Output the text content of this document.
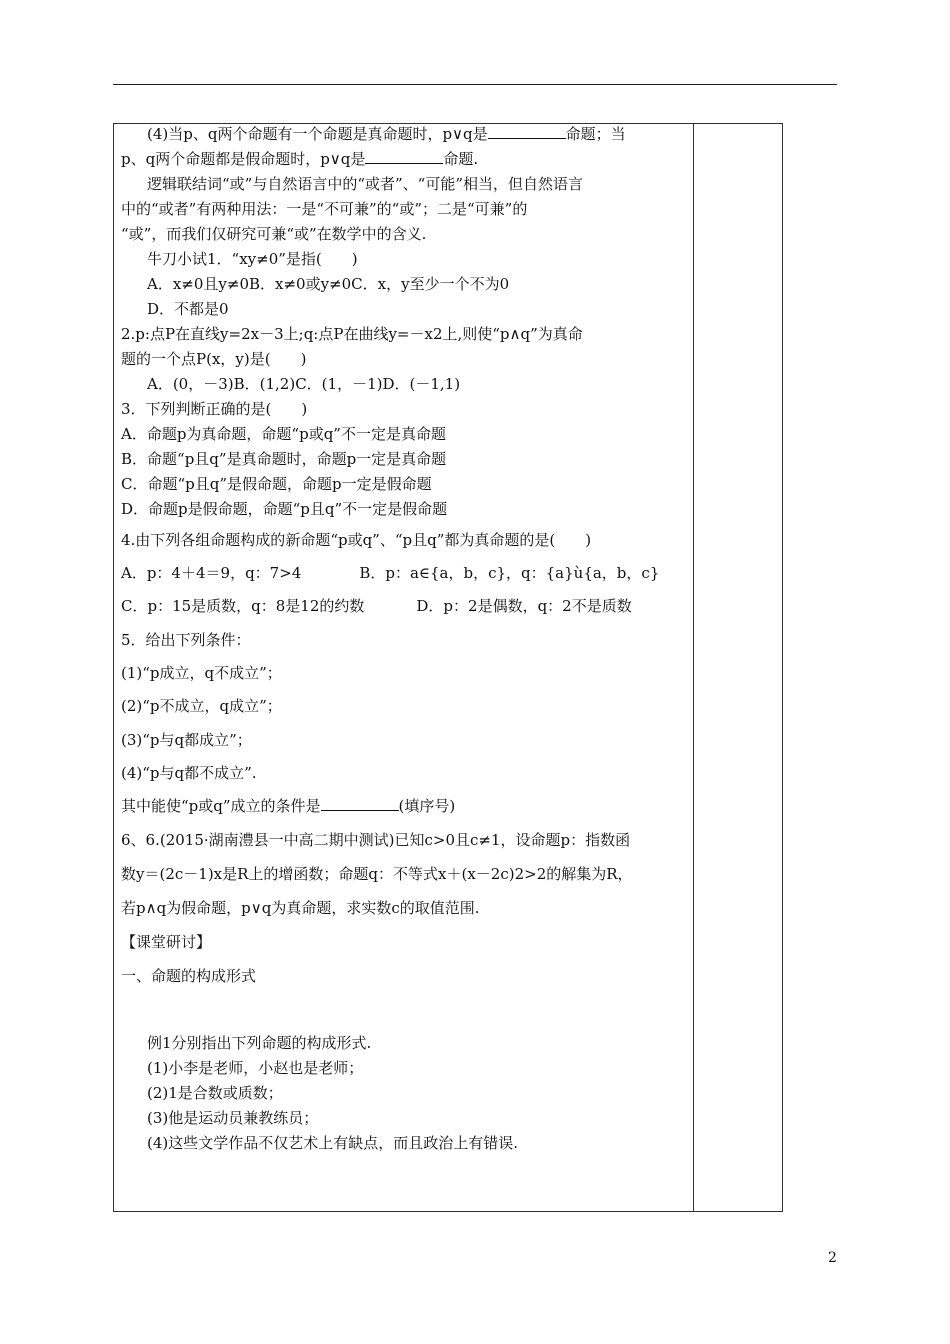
(4)当p、q两个命题有一个命题是真命题时，p∨q是	命题；当
p、q两个命题都是假命题时，p∨q是	命题.
逻辑联结词“或”与自然语言中的“或者”、“可能”相当，但自然语言
中的“或者”有两种用法：一是“不可兼”的“或”；二是“可兼”的
“或”，而我们仅研究可兼“或”在数学中的含义.
牛刀小试1．“xy≠0”是指(　　)
A．x≠0且y≠0B．x≠0或y≠0C．x，y至少一个不为0
D．不都是0
2.p:点P在直线y=2x－3上;q:点P在曲线y=－x2上,则使“p∧q”为真命
题的一个点P(x，y)是(　　)
A．(0，－3)B．(1,2)C．(1，－1)D．(－1,1)
3．下列判断正确的是(　　)
A．命题p为真命题，命题“p或q”不一定是真命题
B．命题“p且q”是真命题时，命题p一定是真命题
C．命题“p且q”是假命题，命题p一定是假命题
D．命题p是假命题，命题“p且q”不一定是假命题
4.由下列各组命题构成的新命题“p或q”、“p且q”都为真命题的是(　　)
A．p：4＋4＝9，q：7>4	B．p：a∈{a，b，c}，q：{a}ù{a，b，c}
C．p：15是质数，q：8是12的约数	D．p：2是偶数，q：2不是质数
5．给出下列条件：
(1)“p成立，q不成立”；
(2)“p不成立，q成立”；
(3)“p与q都成立”；
(4)“p与q都不成立”.
其中能使“p或q”成立的条件是	(填序号)
6、6.(2015·湖南澧县一中高二期中测试)已知c>0且c≠1，设命题p：指数函
数y＝(2c－1)x是R上的增函数；命题q：不等式x＋(x－2c)2>2的解集为R，
若p∧q为假命题，p∨q为真命题，求实数c的取值范围.
【课堂研讨】
一、命题的构成形式
例1分别指出下列命题的构成形式.
(1)小李是老师，小赵也是老师；
(2)1是合数或质数；
(3)他是运动员兼教练员；
(4)这些文学作品不仅艺术上有缺点，而且政治上有错误.
2
